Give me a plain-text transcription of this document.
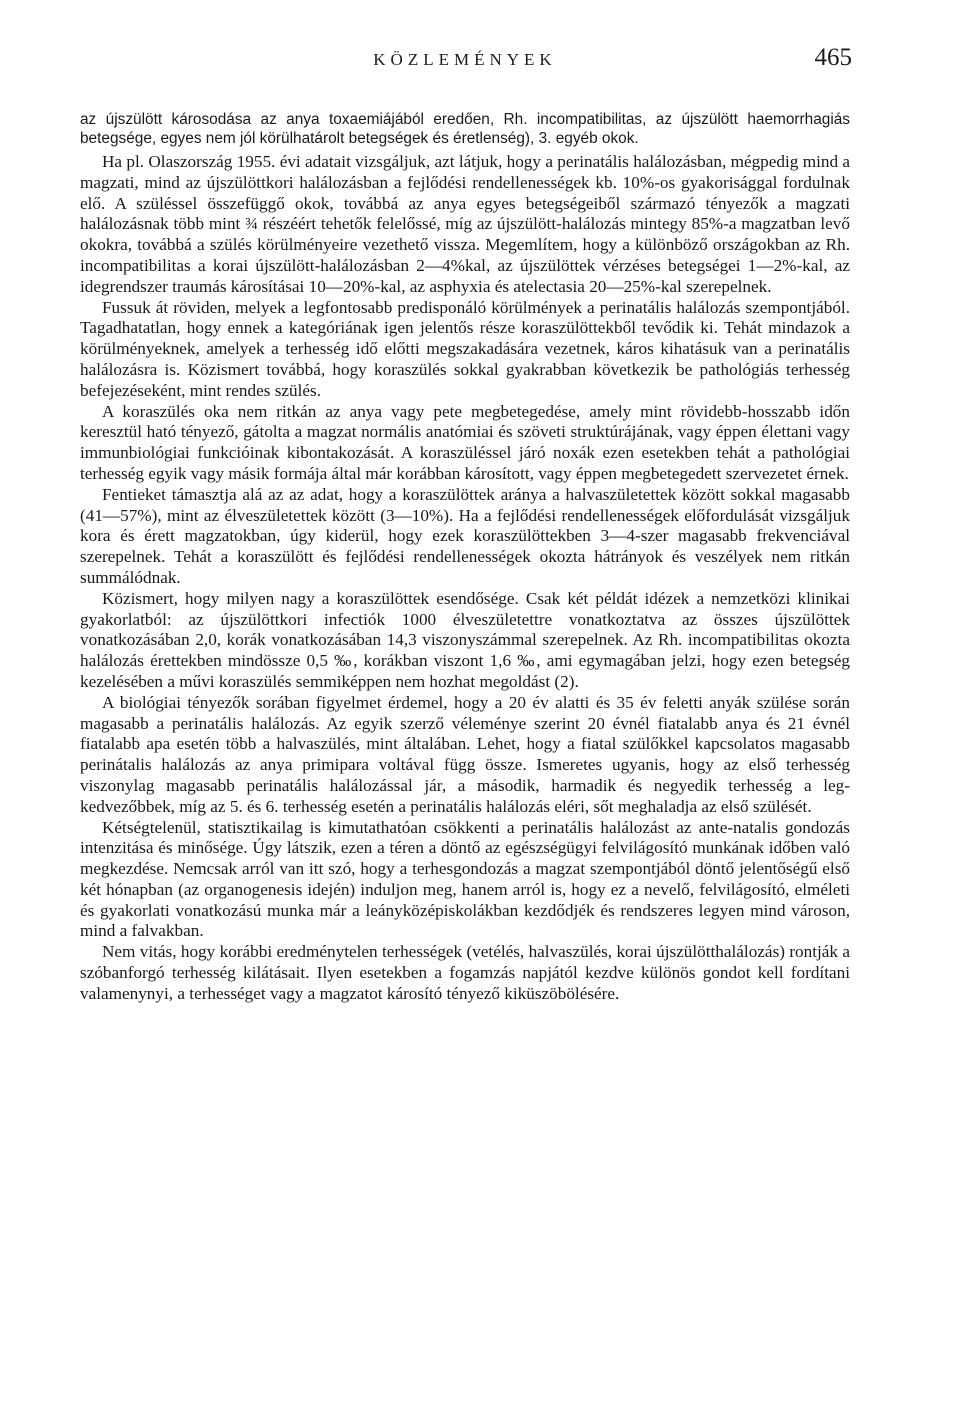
KÖZLEMÉNYEK	465

az újszülött károsodása az anya toxaemiájából eredően, Rh. incompatibilitas, az újszülött haemorrhagiás betegsége, egyes nem jól körülhatárolt betegségek és éretlenség), 3. egyéb okok.

Ha pl. Olaszország 1955. évi adatait vizsgáljuk, azt látjuk, hogy a perinatális halálozásban, mégpedig mind a magzati, mind az újszülöttkori halálozásban a fejlődési rendellenességek kb. 10%-os gyakorisággal fordulnak elő. A szüléssel összefüggő okok, továbbá az anya egyes betegségeiből származó tényezők a magzati halálozásnak több mint ¾ részéért tehetők felelőssé, míg az újszülött-halálozás mintegy 85%-a magzatban levő okokra, továbbá a szülés körülményeire vezethető vissza. Megemlítem, hogy a különböző országokban az Rh. incompatibilitas a korai újszülött-halálozásban 2—4%kal, az újszülöttek vérzéses betegségei 1—2%-kal, az idegrendszer traumás károsításai 10—20%-kal, az asphyxia és atelectasia 20—25%-kal szerepelnek.

Fussuk át röviden, melyek a legfontosabb predisponáló körülmények a perinatális halálozás szempontjából. Tagadhatatlan, hogy ennek a kategóriának igen jelentős része koraszülöttekből tevődik ki. Tehát mindazok a körülményeknek, amelyek a terhesség idő előtti megszakadására vezetnek, káros kihatásuk van a perinatális halálozásra is. Közismert továbbá, hogy koraszülés sokkal gyakrabban következik be pathológiás terhesség befejezéseként, mint rendes szülés.

A koraszülés oka nem ritkán az anya vagy pete megbetegedése, amely mint rövidebb-hosszabb időn keresztül ható tényező, gátolta a magzat normális anatómiai és szöveti struktúrájának, vagy éppen élettani vagy immunbiológiai funkcióinak kibontakozását. A koraszüléssel járó noxák ezen esetekben tehát a pathológiai terhesség egyik vagy másik formája által már korábban károsított, vagy éppen megbetegedett szervezetet érnek.

Fentieket támasztja alá az az adat, hogy a koraszülöttek aránya a halvaszületettek között sokkal magasabb (41—57%), mint az élveszületettek között (3—10%). Ha a fejlődési rendellenességek előfordulását vizsgáljuk kora és érett magzatokban, úgy kiderül, hogy ezek koraszülöttekben 3—4-szer magasabb frekvenciával szerepelnek. Tehát a koraszülött és fejlődési rendellenességek okozta hátrányok és veszélyek nem ritkán summálódnak.

Közismert, hogy milyen nagy a koraszülöttek esendősége. Csak két példát idézek a nemzetközi klinikai gyakorlatból: az újszülöttkori infectiók 1000 élveszületettre vonatkoztatva az összes újszülöttek vonatkozásában 2,0, korák vonatkozásában 14,3 viszonyszámmal szerepelnek. Az Rh. incompatibilitas okozta halálozás érettekben mindössze 0,5 ‰, korákban viszont 1,6 ‰, ami egymagában jelzi, hogy ezen betegség kezelésében a művi koraszülés semmiképpen nem hozhat megoldást (2).

A biológiai tényezők sorában figyelmet érdemel, hogy a 20 év alatti és 35 év feletti anyák szülése során magasabb a perinatális halálozás. Az egyik szerző véleménye szerint 20 évnél fiatalabb anya és 21 évnél fiatalabb apa esetén több a halvaszülés, mint általában. Lehet, hogy a fiatal szülőkkel kapcsolatos magasabb perinátalis halálozás az anya primipara voltával függ össze. Ismeretes ugyanis, hogy az első terhesség viszonylag magasabb perinatális halálozással jár, a második, harmadik és negyedik terhesség a legkedvezőbbek, míg az 5. és 6. terhesség esetén a perinatális halálozás eléri, sőt meghaladja az első szülését.

Kétségtelenül, statisztikailag is kimutathatóan csökkenti a perinatális halálozást az ante-natalis gondozás intenzitása és minősége. Úgy látszik, ezen a téren a döntő az egészségügyi felvilágosító munkának időben való megkezdése. Nemcsak arról van itt szó, hogy a terhesgondozás a magzat szempontjából döntő jelentőségű első két hónapban (az organogenesis idején) induljon meg, hanem arról is, hogy ez a nevelő, felvilágosító, elméleti és gyakorlati vonatkozású munka már a leányközépiskolákban kezdődjék és rendszeres legyen mind városon, mind a falvakban.

Nem vitás, hogy korábbi eredménytelen terhességek (vetélés, halvaszülés, korai újszülötthalálozás) rontják a szóbanforgó terhesség kilátásait. Ilyen esetekben a fogamzás napjától kezdve különös gondot kell fordítani valamenynyi, a terhességet vagy a magzatot károsító tényező kiküszöbölésére.
